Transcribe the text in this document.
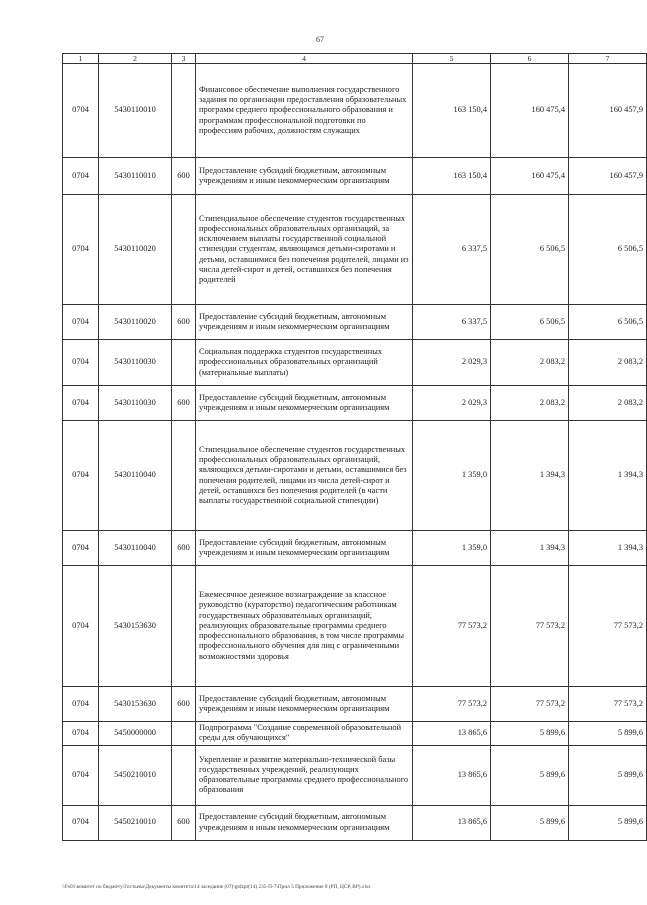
67
1	2	3	4	5	6	7
0704	5430110010		Финансовое обеспечение выполнения государственного задания по организации предоставления образовательных программ среднего профессионального образования и программам профессиональной подготовки по профессиям рабочих, должностям служащих	163 150,4	160 475,4	160 457,9
0704	5430110010	600	Предоставление субсидий бюджетным, автономным учреждениям и иным некоммерческим организациям	163 150,4	160 475,4	160 457,9
0704	5430110020		Стипендиальное обеспечение студентов государственных профессиональных образовательных организаций, за исключением выплаты государственной социальной стипендии студентам, являющимся детьми-сиротами и детьми, оставшимися без попечения родителей, лицами из числа детей-сирот и детей, оставшихся без попечения родителей	6 337,5	6 506,5	6 506,5
0704	5430110020	600	Предоставление субсидий бюджетным, автономным учреждениям и иным некоммерческим организациям	6 337,5	6 506,5	6 506,5
0704	5430110030		Социальная поддержка студентов государственных профессиональных образовательных организаций (материальные выплаты)	2 029,3	2 083,2	2 083,2
0704	5430110030	600	Предоставление субсидий бюджетным, автономным учреждениям и иным некоммерческим организациям	2 029,3	2 083,2	2 083,2
0704	5430110040		Стипендиальное обеспечение студентов государственных профессиональных образовательных организаций, являющихся детьми-сиротами и детьми, оставшимися без попечения родителей, лицами из числа детей-сирот и детей, оставшихся без попечения родителей (в части выплаты государственной социальной стипендии)	1 359,0	1 394,3	1 394,3
0704	5430110040	600	Предоставление субсидий бюджетным, автономным учреждениям и иным некоммерческим организациям	1 359,0	1 394,3	1 394,3
0704	5430153630		Ежемесячное денежное вознаграждение за классное руководство (кураторство) педагогическим работникам государственных образовательных организаций, реализующих образовательные программы среднего профессионального образования, в том числе программы профессионального обучения для лиц с ограниченными возможностями здоровья	77 573,2	77 573,2	77 573,2
0704	5430153630	600	Предоставление субсидий бюджетным, автономным учреждениям и иным некоммерческим организациям	77 573,2	77 573,2	77 573,2
0704	5450000000		Подпрограмма "Создание современной образовательной среды для обучающихся"	13 865,6	5 899,6	5 899,6
0704	5450210010		Укрепление и развитие материально-технической базы государственных учреждений, реализующих образовательные программы среднего профессионального образования	13 865,6	5 899,6	5 899,6
0704	5450210010	600	Предоставление субсидий бюджетным, автономным учреждениям и иным некоммерческим организациям	13 865,6	5 899,6	5 899,6
\\Fs01\комитет по бюджету\Гостьева\Документы комитета\14 заседание (07)\gtdzpr(14) 235-П-7\Прил 5 Приложение 8 (РП, ЦСР, ВР).xlsx
